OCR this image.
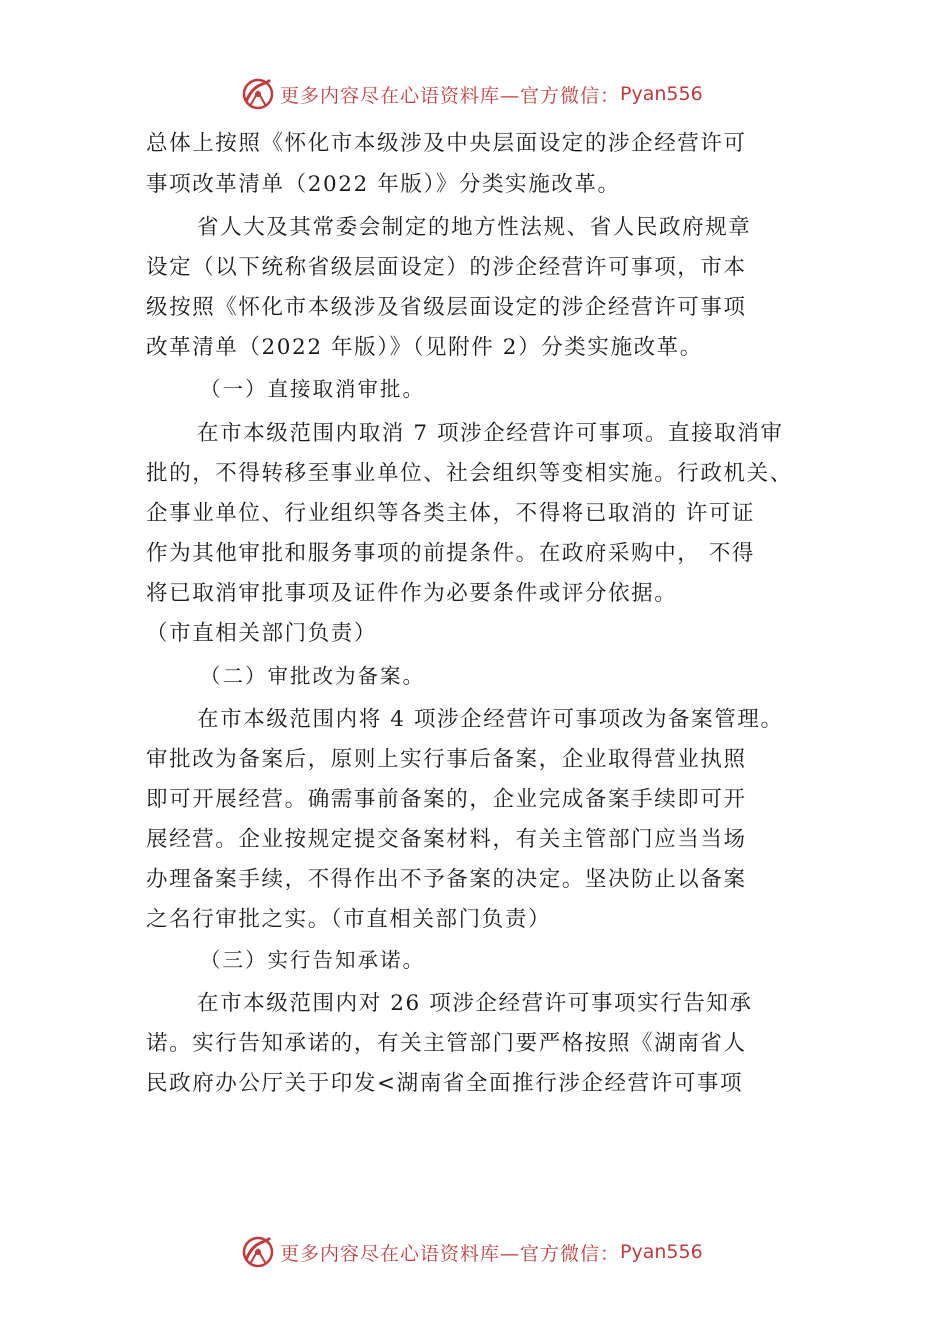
更多内容尽在心语资料库—官方微信： Pyan556
总体上按照《怀化市本级涉及中央层面设定的涉企经营许可
事项改革清单（2022 年版）》分类实施改革。
省人大及其常委会制定的地方性法规、省人民政府规章
设定（以下统称省级层面设定）的涉企经营许可事项，市本
级按照《怀化市本级涉及省级层面设定的涉企经营许可事项
改革清单（2022 年版）》（见附件 2）分类实施改革。
（一）直接取消审批。
在市本级范围内取消 7 项涉企经营许可事项。直接取消审
批的，不得转移至事业单位、社会组织等变相实施。行政机关、
企事业单位、行业组织等各类主体，不得将已取消的 许可证
作为其他审批和服务事项的前提条件。在政府采购中， 不得
将已取消审批事项及证件作为必要条件或评分依据。
（市直相关部门负责）
（二）审批改为备案。
在市本级范围内将 4 项涉企经营许可事项改为备案管理。
审批改为备案后，原则上实行事后备案，企业取得营业执照
即可开展经营。确需事前备案的，企业完成备案手续即可开
展经营。企业按规定提交备案材料，有关主管部门应当当场
办理备案手续，不得作出不予备案的决定。坚决防止以备案
之名行审批之实。（市直相关部门负责）
（三）实行告知承诺。
在市本级范围内对 26 项涉企经营许可事项实行告知承
诺。实行告知承诺的，有关主管部门要严格按照《湖南省人
民政府办公厅关于印发<湖南省全面推行涉企经营许可事项
更多内容尽在心语资料库—官方微信： Pyan556
